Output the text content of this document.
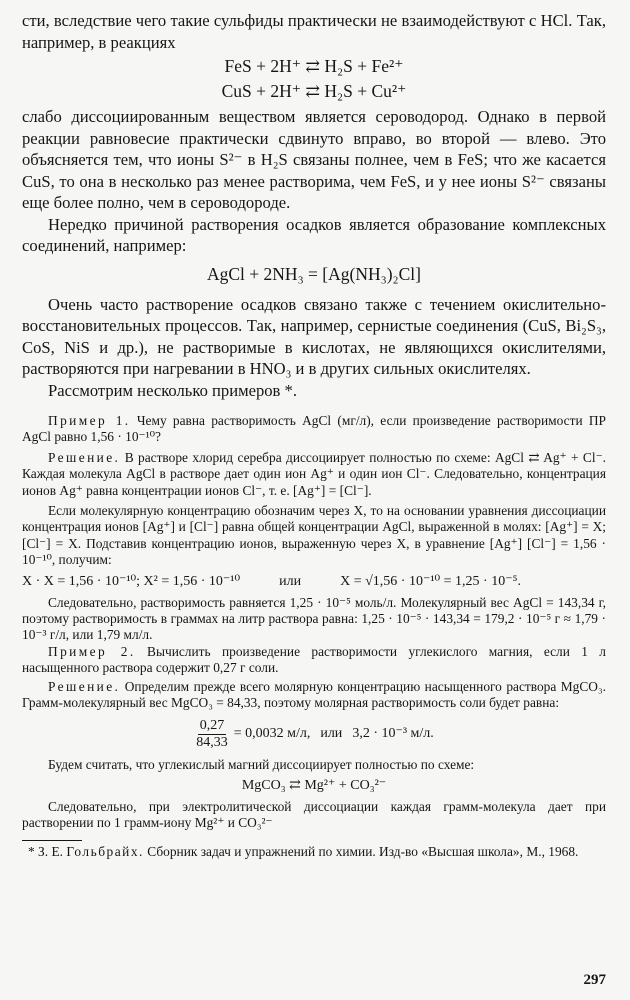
сти, вследствие чего такие сульфиды практически не взаимодействуют с HCl. Так, например, в реакциях

FeS + 2H⁺ ⇄ H₂S + Fe²⁺
CuS + 2H⁺ ⇄ H₂S + Cu²⁺

слабо диссоциированным веществом является сероводород. Однако в первой реакции равновесие практически сдвинуто вправо, во второй — влево. Это объясняется тем, что ионы S²⁻ в H₂S связаны полнее, чем в FeS; что же касается CuS, то она в несколько раз менее растворима, чем FeS, и у нее ионы S²⁻ связаны еще более полно, чем в сероводороде.

Нередко причиной растворения осадков является образование комплексных соединений, например:

AgCl + 2NH₃ = [Ag(NH₃)₂Cl]

Очень часто растворение осадков связано также с течением окислительно-восстановительных процессов. Так, например, сернистые соединения (CuS, Bi₂S₃, CoS, NiS и др.), не растворимые в кислотах, не являющихся окислителями, растворяются при нагревании в HNO₃ и в других сильных окислителях.

Рассмотрим несколько примеров *.

Пример 1. Чему равна растворимость AgCl (мг/л), если произведение растворимости ПР AgCl равно 1,56 · 10⁻¹⁰?

Решение. В растворе хлорид серебра диссоциирует полностью по схеме: AgCl ⇄ Ag⁺ + Cl⁻. Каждая молекула AgCl в растворе дает один ион Ag⁺ и один ион Cl⁻. Следовательно, концентрация ионов Ag⁺ равна концентрации ионов Cl⁻, т. е. [Ag⁺] = [Cl⁻].

Если молекулярную концентрацию обозначим через X, то на основании уравнения диссоциации концентрация ионов [Ag⁺] и [Cl⁻] равна общей концентрации AgCl, выраженной в молях: [Ag⁺] = X; [Cl⁻] = X. Подставив концентрацию ионов, выраженную через X, в уравнение [Ag⁺] [Cl⁻] = 1,56 · 10⁻¹⁰, получим:

X · X = 1,56 · 10⁻¹⁰; X² = 1,56 · 10⁻¹⁰	или	X = √1,56 · 10⁻¹⁰ = 1,25 · 10⁻⁵.

Следовательно, растворимость равняется 1,25 · 10⁻⁵ моль/л. Молекулярный вес AgCl = 143,34 г, поэтому растворимость в граммах на литр раствора равна: 1,25 · 10⁻⁵ · 143,34 = 179,2 · 10⁻⁵ г ≈ 1,79 · 10⁻³ г/л, или 1,79 мл/л.

Пример 2. Вычислить произведение растворимости углекислого магния, если 1 л насыщенного раствора содержит 0,27 г соли.

Решение. Определим прежде всего молярную концентрацию насыщенного раствора MgCO₃. Грамм-молекулярный вес MgCO₃ = 84,33, поэтому молярная растворимость соли будет равна:

$\frac{0,27}{84,33} = 0,0032$ м/л, или 3,2 · 10⁻³ м/л.

Будем считать, что углекислый магний диссоциирует полностью по схеме:

MgCO₃ ⇄ Mg²⁺ + CO₃²⁻

Следовательно, при электролитической диссоциации каждая грамм-молекула дает при растворении по 1 грамм-иону Mg²⁺ и CO₃²⁻

* З. Е. Гольбрайх. Сборник задач и упражнений по химии. Изд-во «Высшая школа», М., 1968.
297
